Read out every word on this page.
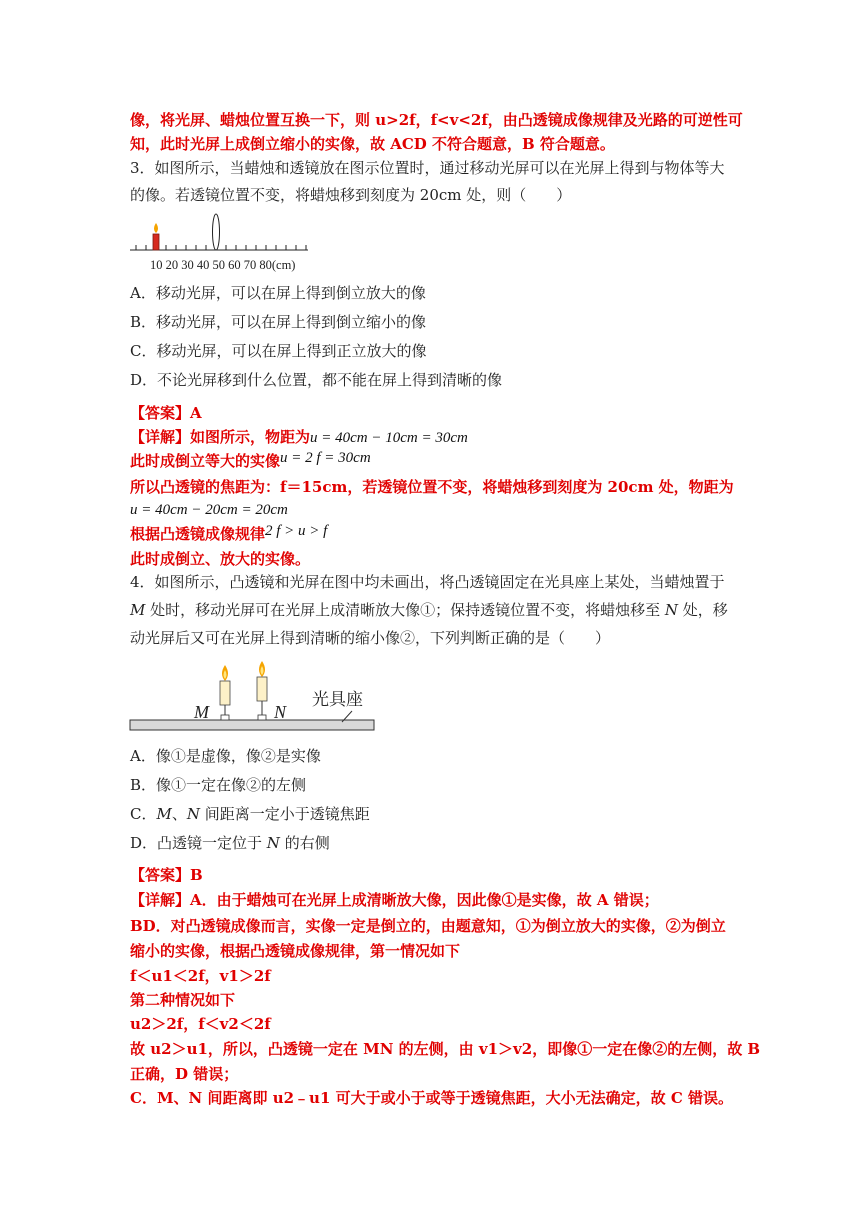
像，将光屏、蜡烛位置互换一下，则 u>2f，f<v<2f，由凸透镜成像规律及光路的可逆性可
知，此时光屏上成倒立缩小的实像，故 ACD 不符合题意，B 符合题意。
3．如图所示，当蜡烛和透镜放在图示位置时，通过移动光屏可以在光屏上得到与物体等大
的像。若透镜位置不变，将蜡烛移到刻度为 20cm 处，则（　　）
10 20 30 40 50 60 70 80(cm)
A．移动光屏，可以在屏上得到倒立放大的像
B．移动光屏，可以在屏上得到倒立缩小的像
C．移动光屏，可以在屏上得到正立放大的像
D．不论光屏移到什么位置，都不能在屏上得到清晰的像
【答案】A
【详解】如图所示，物距为u = 40cm − 10cm = 30cm
此时成倒立等大的实像u = 2 f = 30cm
所以凸透镜的焦距为：f＝15cm，若透镜位置不变，将蜡烛移到刻度为 20cm 处，物距为
u = 40cm − 20cm = 20cm
根据凸透镜成像规律2 f > u > f
此时成倒立、放大的实像。
4．如图所示，凸透镜和光屏在图中均未画出，将凸透镜固定在光具座上某处，当蜡烛置于
M 处时，移动光屏可在光屏上成清晰放大像①；保持透镜位置不变，将蜡烛移至 N 处，移
动光屏后又可在光屏上得到清晰的缩小像②，下列判断正确的是（　　）
M	N
光具座
A．像①是虚像，像②是实像
B．像①一定在像②的左侧
C．M、N 间距离一定小于透镜焦距
D．凸透镜一定位于 N 的右侧
【答案】B
【详解】A．由于蜡烛可在光屏上成清晰放大像，因此像①是实像，故 A 错误；
BD．对凸透镜成像而言，实像一定是倒立的，由题意知，①为倒立放大的实像，②为倒立
缩小的实像，根据凸透镜成像规律，第一情况如下
f＜u1＜2f，v1＞2f
第二种情况如下
u2＞2f，f＜v2＜2f
故 u2＞u1，所以，凸透镜一定在 MN 的左侧，由 v1＞v2，即像①一定在像②的左侧，故 B
正确，D 错误；
C．M、N 间距离即 u2﹣u1 可大于或小于或等于透镜焦距，大小无法确定，故 C 错误。
